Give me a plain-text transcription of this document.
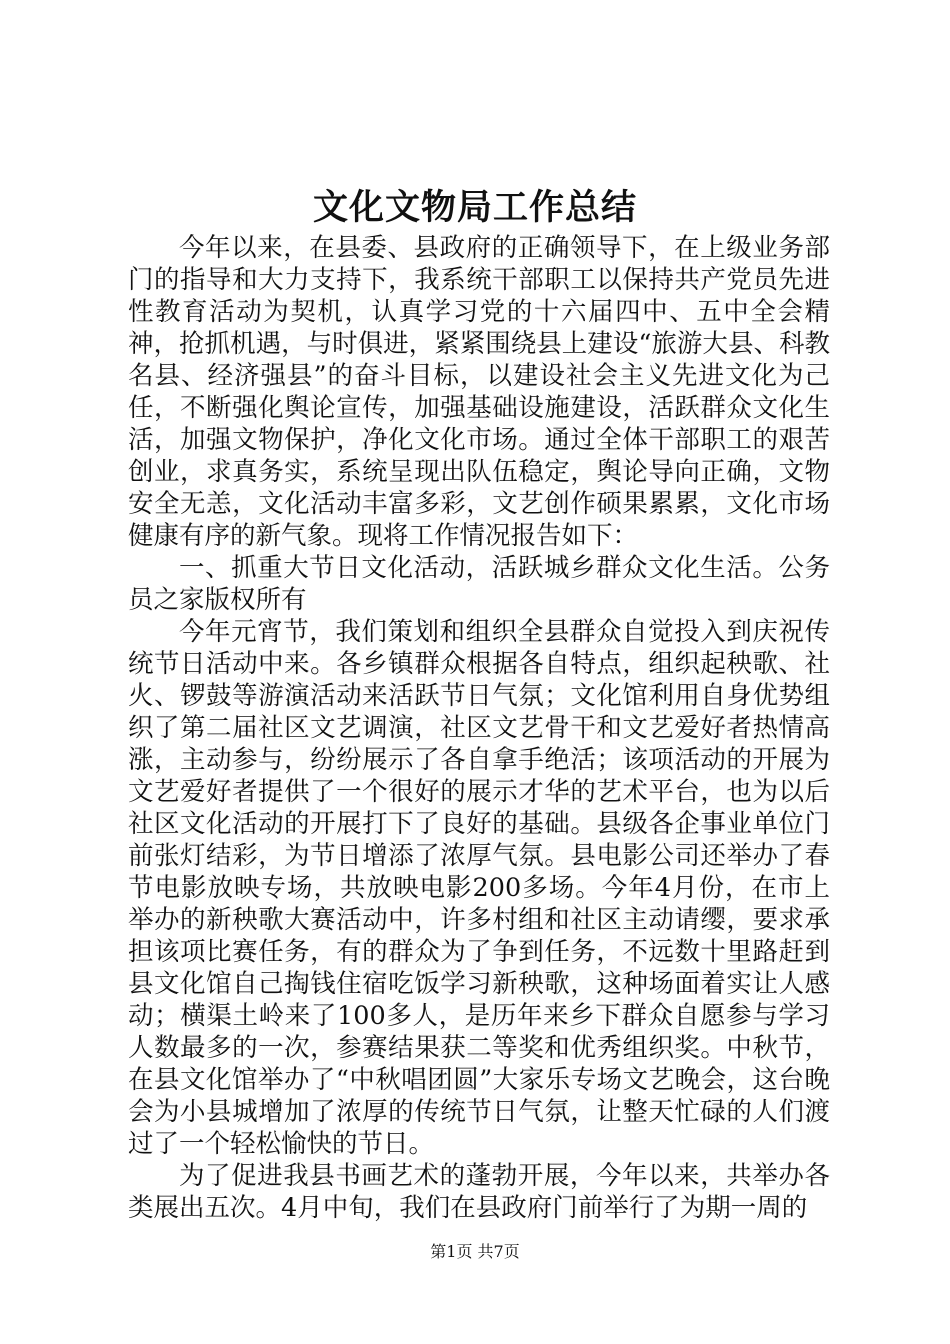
文化文物局工作总结

今年以来，在县委、县政府的正确领导下，在上级业务部门的指导和大力支持下，我系统干部职工以保持共产党员先进性教育活动为契机，认真学习党的十六届四中、五中全会精神，抢抓机遇，与时俱进，紧紧围绕县上建设“旅游大县、科教名县、经济强县”的奋斗目标，以建设社会主义先进文化为己任，不断强化舆论宣传，加强基础设施建设，活跃群众文化生活，加强文物保护，净化文化市场。通过全体干部职工的艰苦创业，求真务实，系统呈现出队伍稳定，舆论导向正确，文物安全无恙，文化活动丰富多彩，文艺创作硕果累累，文化市场健康有序的新气象。现将工作情况报告如下：

一、抓重大节日文化活动，活跃城乡群众文化生活。公务员之家版权所有

今年元宵节，我们策划和组织全县群众自觉投入到庆祝传统节日活动中来。各乡镇群众根据各自特点，组织起秧歌、社火、锣鼓等游演活动来活跃节日气氛；文化馆利用自身优势组织了第二届社区文艺调演，社区文艺骨干和文艺爱好者热情高涨，主动参与，纷纷展示了各自拿手绝活；该项活动的开展为文艺爱好者提供了一个很好的展示才华的艺术平台，也为以后社区文化活动的开展打下了良好的基础。县级各企事业单位门前张灯结彩，为节日增添了浓厚气氛。县电影公司还举办了春节电影放映专场，共放映电影200多场。今年4月份，在市上举办的新秧歌大赛活动中，许多村组和社区主动请缨，要求承担该项比赛任务，有的群众为了争到任务，不远数十里路赶到县文化馆自己掏钱住宿吃饭学习新秧歌，这种场面着实让人感动；横渠土岭来了100多人，是历年来乡下群众自愿参与学习人数最多的一次，参赛结果获二等奖和优秀组织奖。中秋节，在县文化馆举办了“中秋唱团圆”大家乐专场文艺晚会，这台晚会为小县城增加了浓厚的传统节日气氛，让整天忙碌的人们渡过了一个轻松愉快的节日。

为了促进我县书画艺术的蓬勃开展，今年以来，共举办各类展出五次。4月中旬，我们在县政府门前举行了为期一周的

第1页 共7页
